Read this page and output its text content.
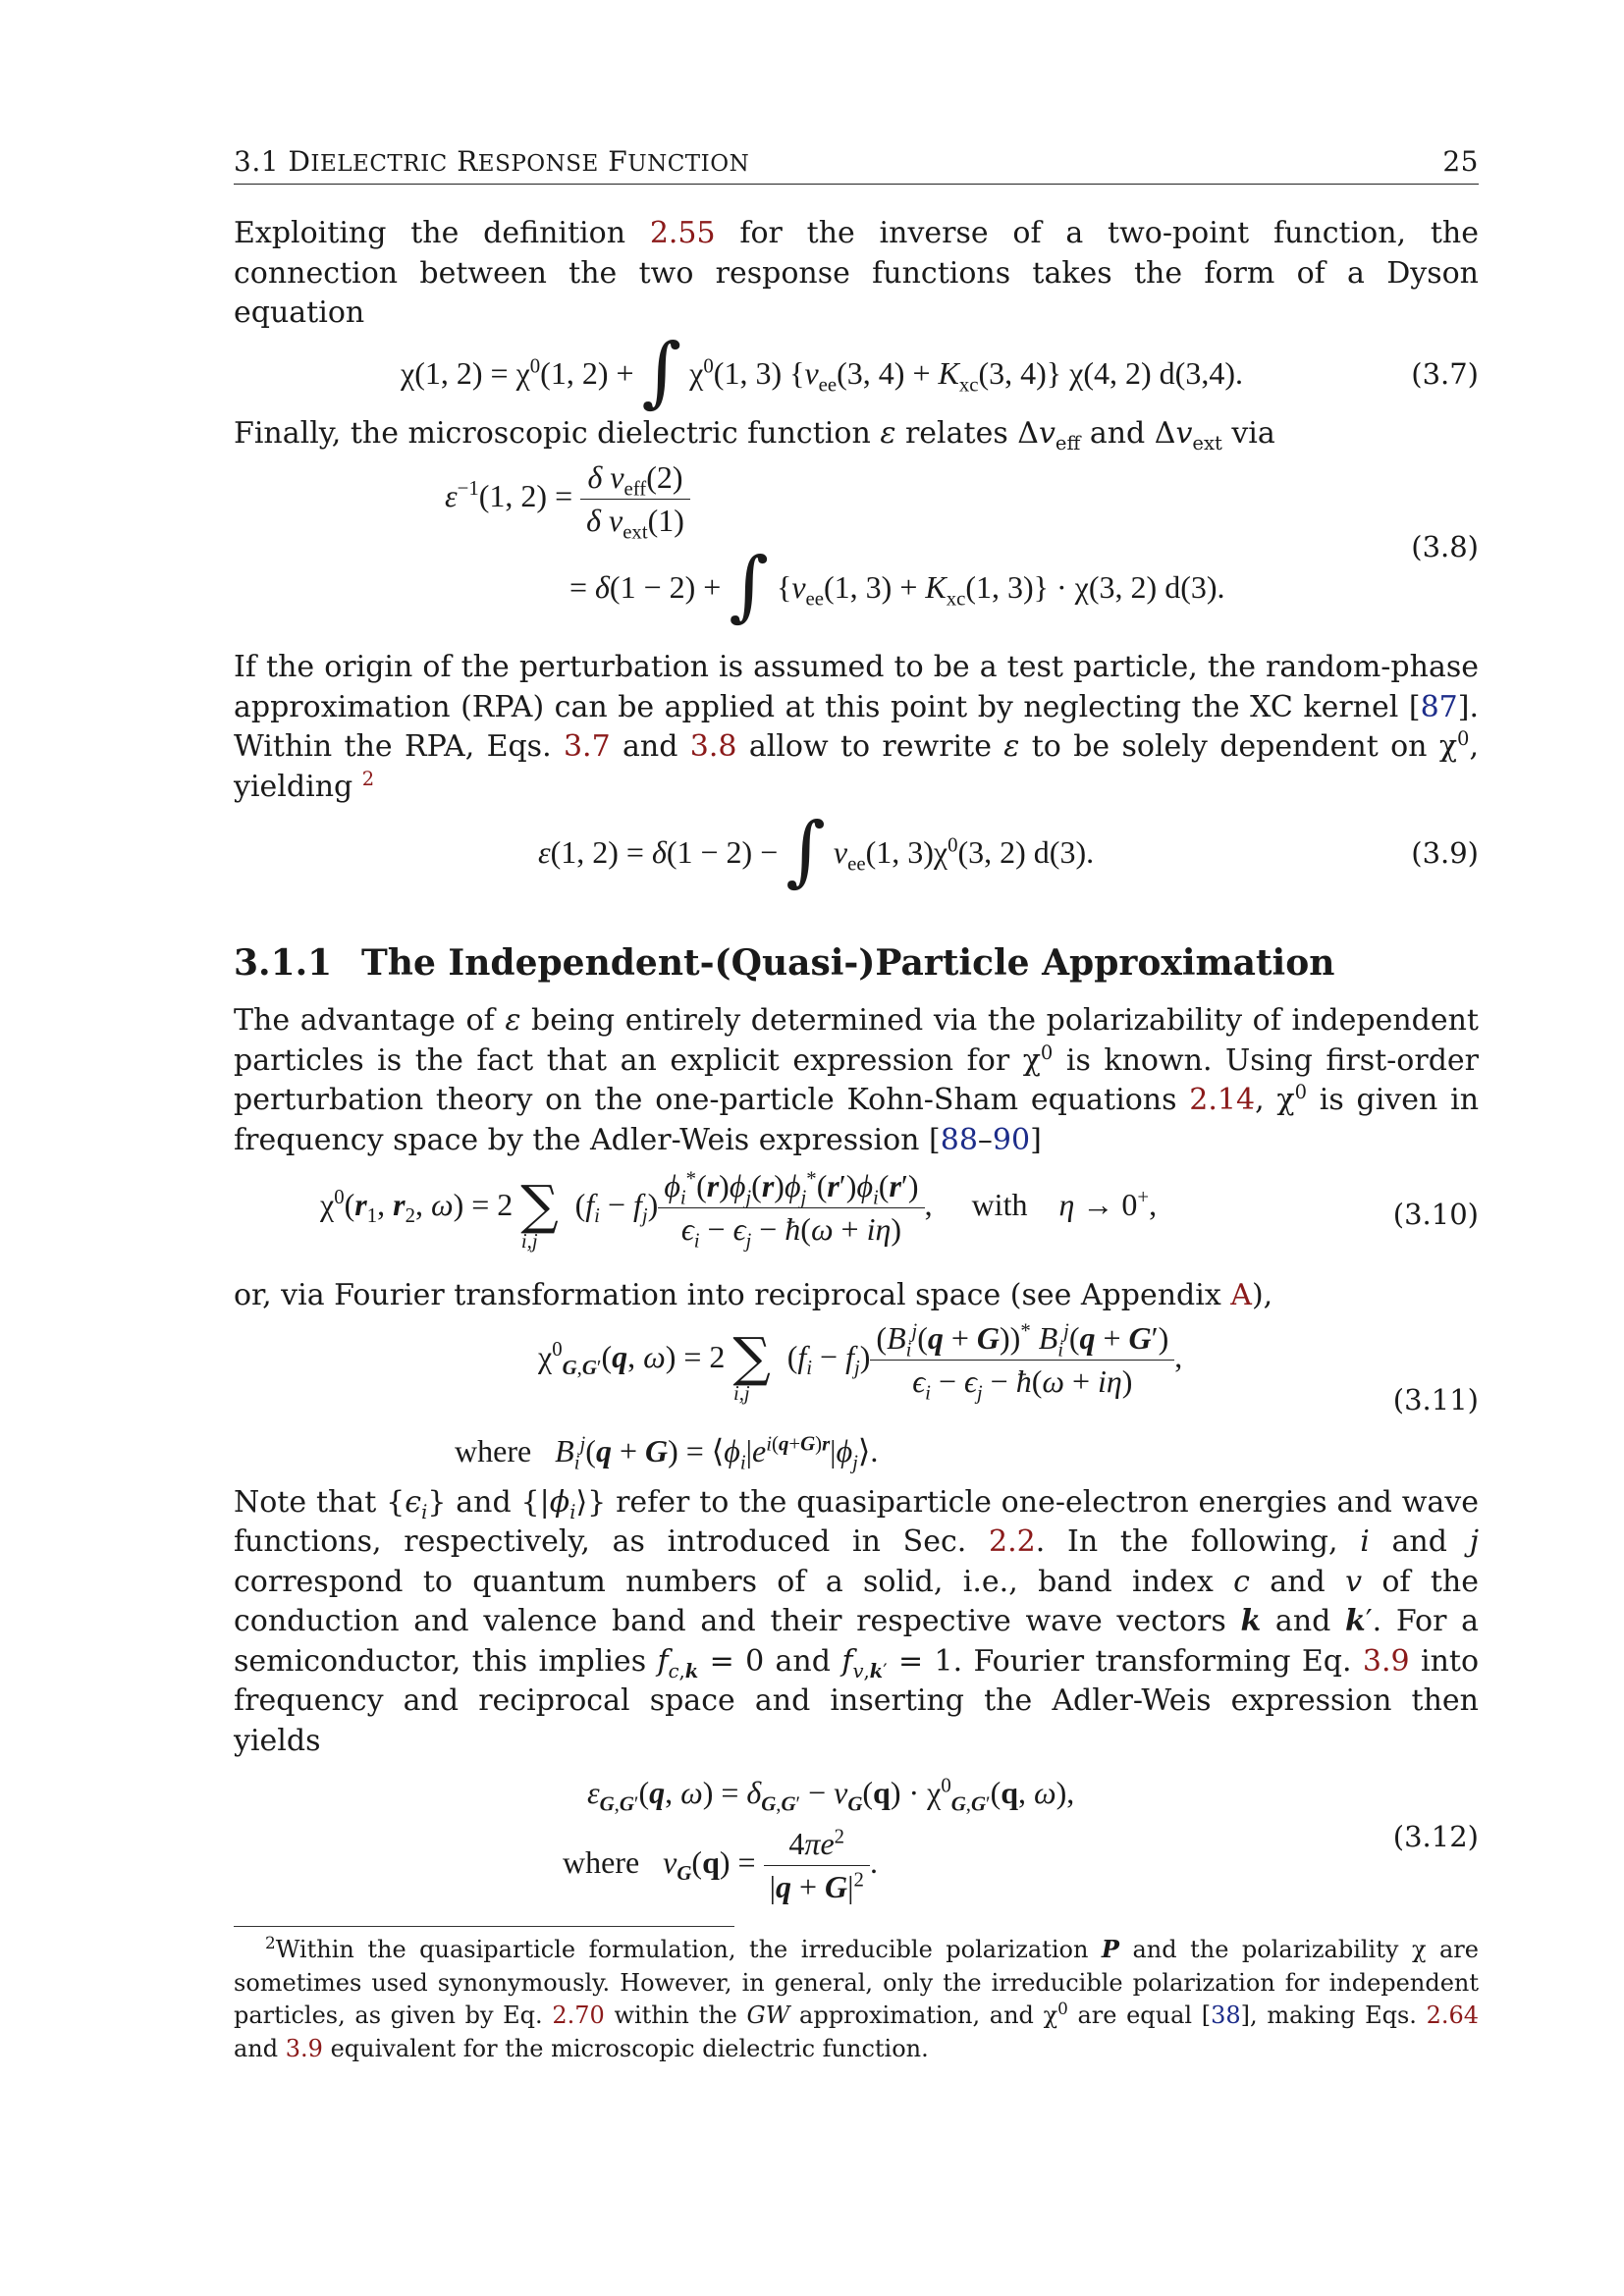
3.1 DIELECTRIC RESPONSE FUNCTION	25

Exploiting the definition 2.55 for the inverse of a two-point function, the connection between the two response functions takes the form of a Dyson equation

χ(1, $2) = \chi^0(1$, 2) + ∫ $\chi^0(1$, 3) {$v_{ee}(3$, $4) + K_{xc}(3$, 4)} χ(4, 2) d(3,4).	(3.7)

Finally, the microscopic dielectric function ε relates $\Delta v_{eff}$ and $\Delta v_{ext}$ via

$\varepsilon^{-1}(1$, $2) = \frac{\delta v_{eff}(2)}{\delta v_{ext}(1)}$
= δ(1 − 2) + ∫ {$v_{ee}(1$, $3) + K_{xc}(1$, 3)} · χ(3, 2) d(3).
(3.8)

If the origin of the perturbation is assumed to be a test particle, the random-phase approximation (RPA) can be applied at this point by neglecting the XC kernel [87]. Within the RPA, Eqs. 3.7 and 3.8 allow to rewrite ε to be solely dependent on $\chi^0$, yielding $^2$

ε(1, 2) = δ(1 − 2) − ∫ $v_{ee}(1$, $3)\chi^0(3$, 2) d(3).	(3.9)
3.1.1 The Independent-(Quasi-)Particle Approximation

The advantage of ε being entirely determined via the polarizability of independent particles is the fact that an explicit expression for $\chi^0$ is known. Using first-order perturbation theory on the one-particle Kohn-Sham equations 2.14, $\chi^0$ is given in frequency space by the Adler-Weis expression [88–90]

$\chi^0(r_1$, $r_2$, ω) = 2 $\sum_{i,j}(f_i - f_j) \frac{\phi_i^*(r)\phi_j(r)\phi_j^*(r')\phi_i(r')}{\epsilon_i - \epsilon_j - ħ(\omega + i\eta)}$ ,     with η → 0+,	(3.10)

or, via Fourier transformation into reciprocal space (see Appendix A),

$\chi^0_{G,G'}(q$, ω) = 2 $\sum_{i,j}(f_i - f_j) \frac{(B_i^j(q + G))^* B_i^j(q + G')}{\epsilon_i - \epsilon_j - ħ(\omega + i\eta)}$ ,
where $B_i^j(q + G)$ = $⟨\phi_i|e^{i(q+G)r}|\phi_j⟩$.
(3.11)

Note that $\{\epsilon_i\}$ and $\{|\phi_i⟩\}$ refer to the quasiparticle one-electron energies and wave functions, respectively, as introduced in Sec. 2.2. In the following, i and j correspond to quantum numbers of a solid, i.e., band index c and v of the conduction and valence band and their respective wave vectors k and k′. For a semiconductor, this implies $f_{c,k} = 0$ and $f_{v,k'} = 1$. Fourier transforming Eq. 3.9 into frequency and reciprocal space and inserting the Adler-Weis expression then yields

$\varepsilon_{G,G'}(q$, $\omega) = \delta_{G,G'} - v_G(q) \cdot \chi^0_{G,G'}(q$, ω),
where $v_G(q) = \frac{4\pi e^2}{|q + G|^2}$ .
(3.12)

$^2$Within the quasiparticle formulation, the irreducible polarization P and the polarizability χ are sometimes used synonymously. However, in general, only the irreducible polarization for independent particles, as given by Eq. 2.70 within the GW approximation, and $\chi^0$ are equal [38], making Eqs. 2.64 and 3.9 equivalent for the microscopic dielectric function.
